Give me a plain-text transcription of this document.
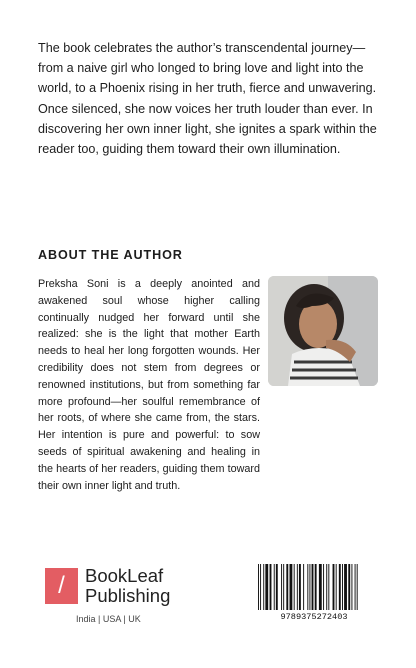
The book celebrates the author’s transcendental journey—from a naive girl who longed to bring love and light into the world, to a Phoenix rising in her truth, fierce and unwavering. Once silenced, she now voices her truth louder than ever. In discovering her own inner light, she ignites a spark within the reader too, guiding them toward their own illumination.

ABOUT THE AUTHOR

Preksha Soni is a deeply anointed and awakened soul whose higher calling continually nudged her forward until she realized: she is the light that mother Earth needs to heal her long forgotten wounds. Her credibility does not stem from degrees or renowned institutions, but from something far more profound—her soulful remembrance of her roots, of where she came from, the stars. Her intention is pure and powerful: to sow seeds of spiritual awakening and healing in the hearts of her readers, guiding them toward their own inner light and truth.

/	BookLeaf
Publishing
India | USA | UK	9789375272403
